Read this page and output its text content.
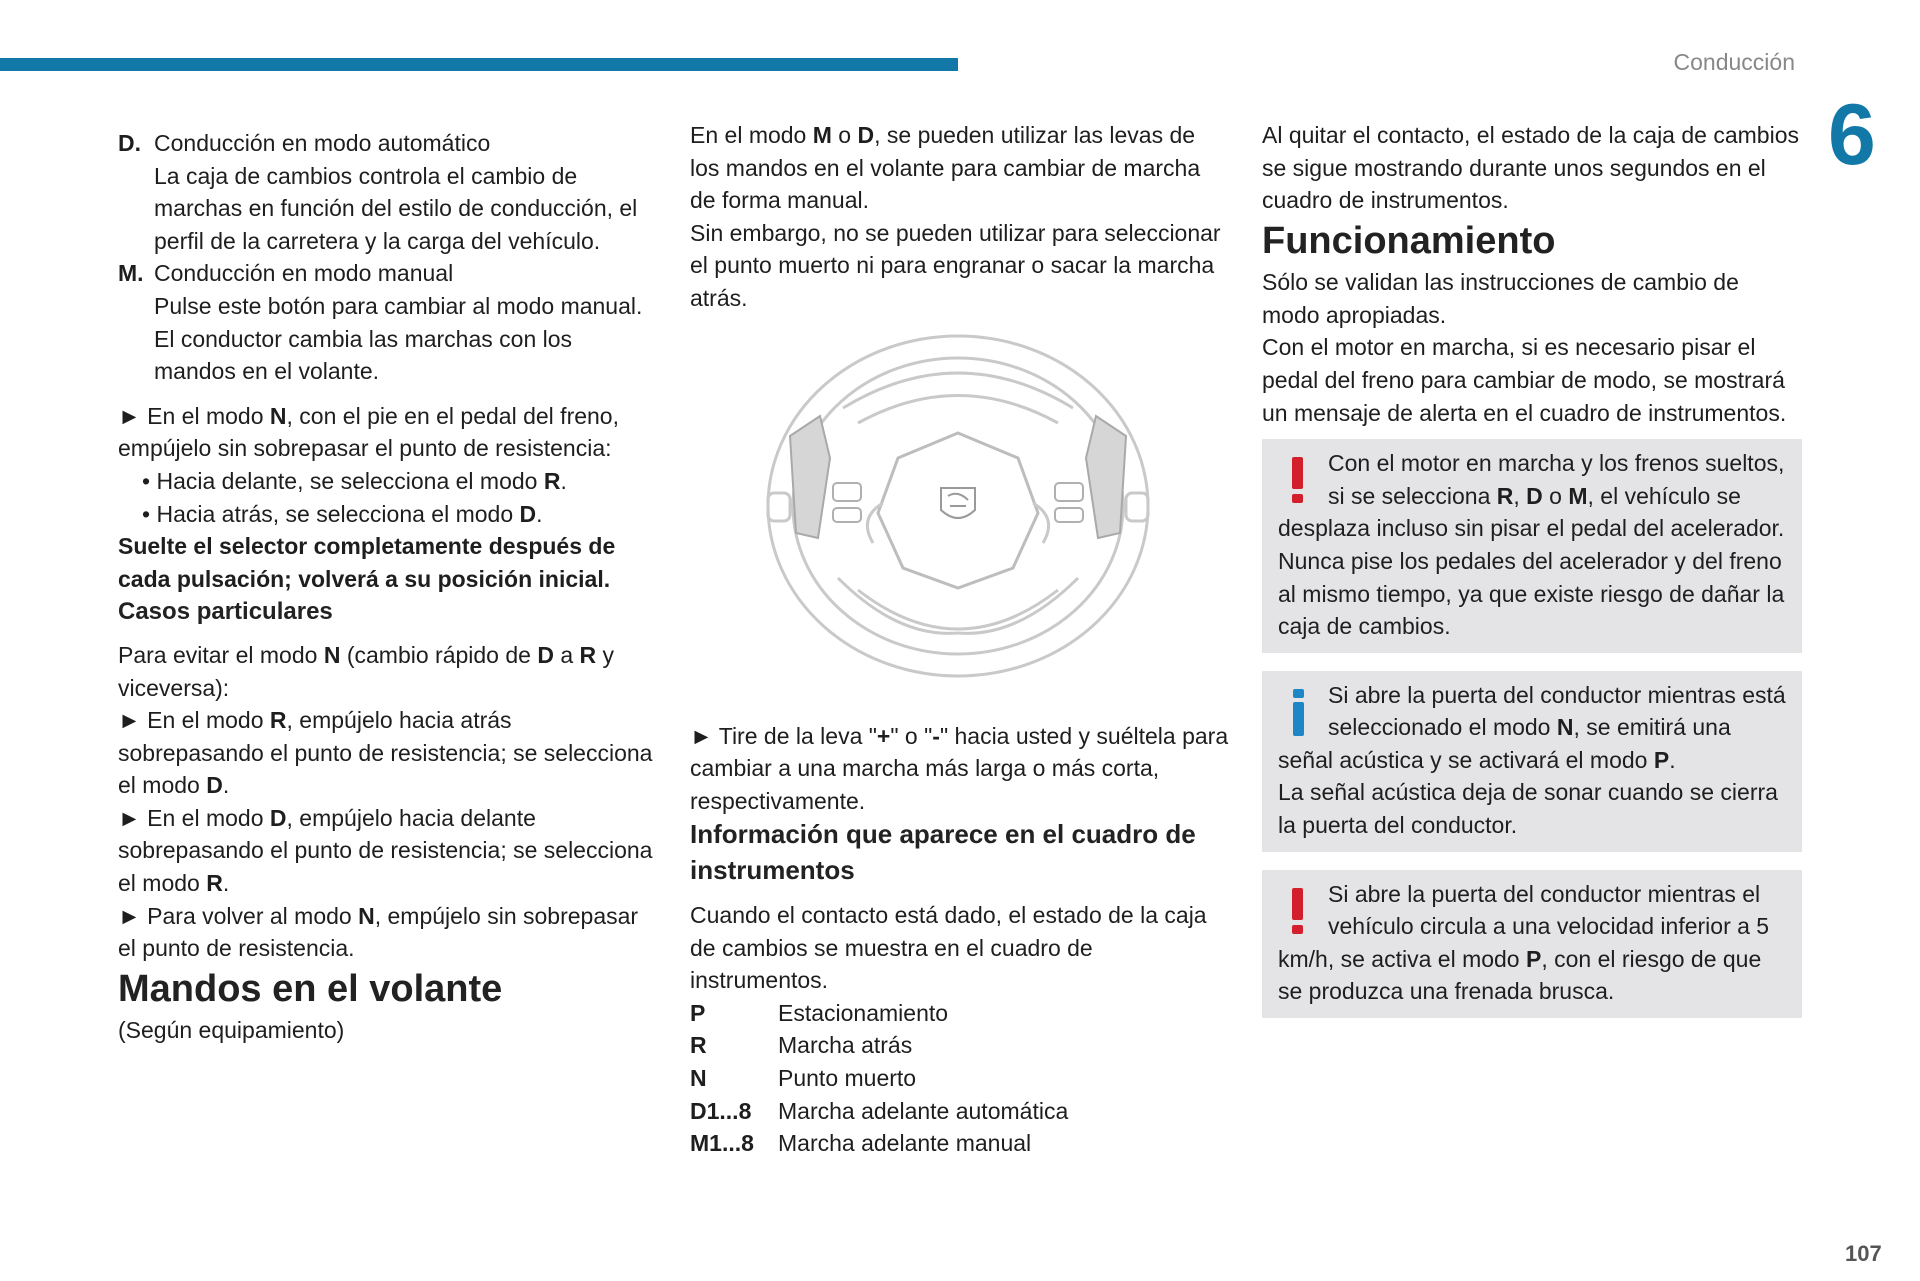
Conducción
6
107
D. Conducción en modo automático

La caja de cambios controla el cambio de marchas en función del estilo de conducción, el perfil de la carretera y la carga del vehículo.

M. Conducción en modo manual

Pulse este botón para cambiar al modo manual.

El conductor cambia las marchas con los mandos en el volante.

► En el modo N, con el pie en el pedal del freno, empújelo sin sobrepasar el punto de resistencia:

• Hacia delante, se selecciona el modo R.

• Hacia atrás, se selecciona el modo D.

Suelte el selector completamente después de cada pulsación; volverá a su posición inicial.

Casos particulares

Para evitar el modo N (cambio rápido de D a R y viceversa):

► En el modo R, empújelo hacia atrás sobrepasando el punto de resistencia; se selecciona el modo D.

► En el modo D, empújelo hacia delante sobrepasando el punto de resistencia; se selecciona el modo R.

► Para volver al modo N, empújelo sin sobrepasar el punto de resistencia.

Mandos en el volante

(Según equipamiento)

En el modo M o D, se pueden utilizar las levas de los mandos en el volante para cambiar de marcha de forma manual.

Sin embargo, no se pueden utilizar para seleccionar el punto muerto ni para engranar o sacar la marcha atrás.

► Tire de la leva "+" o "-" hacia usted y suéltela para cambiar a una marcha más larga o más corta, respectivamente.

Información que aparece en el cuadro de instrumentos

Cuando el contacto está dado, el estado de la caja de cambios se muestra en el cuadro de instrumentos.

P	Estacionamiento
R	Marcha atrás
N	Punto muerto
D1...8	Marcha adelante automática
M1...8	Marcha adelante manual

Al quitar el contacto, el estado de la caja de cambios se sigue mostrando durante unos segundos en el cuadro de instrumentos.

Funcionamiento

Sólo se validan las instrucciones de cambio de modo apropiadas.

Con el motor en marcha, si es necesario pisar el pedal del freno para cambiar de modo, se mostrará un mensaje de alerta en el cuadro de instrumentos.

Con el motor en marcha y los frenos sueltos, si se selecciona R, D o M, el vehículo se desplaza incluso sin pisar el pedal del acelerador.

Nunca pise los pedales del acelerador y del freno al mismo tiempo, ya que existe riesgo de dañar la caja de cambios.

Si abre la puerta del conductor mientras está seleccionado el modo N, se emitirá una señal acústica y se activará el modo P.

La señal acústica deja de sonar cuando se cierra la puerta del conductor.

Si abre la puerta del conductor mientras el vehículo circula a una velocidad inferior a 5 km/h, se activa el modo P, con el riesgo de que se produzca una frenada brusca.
